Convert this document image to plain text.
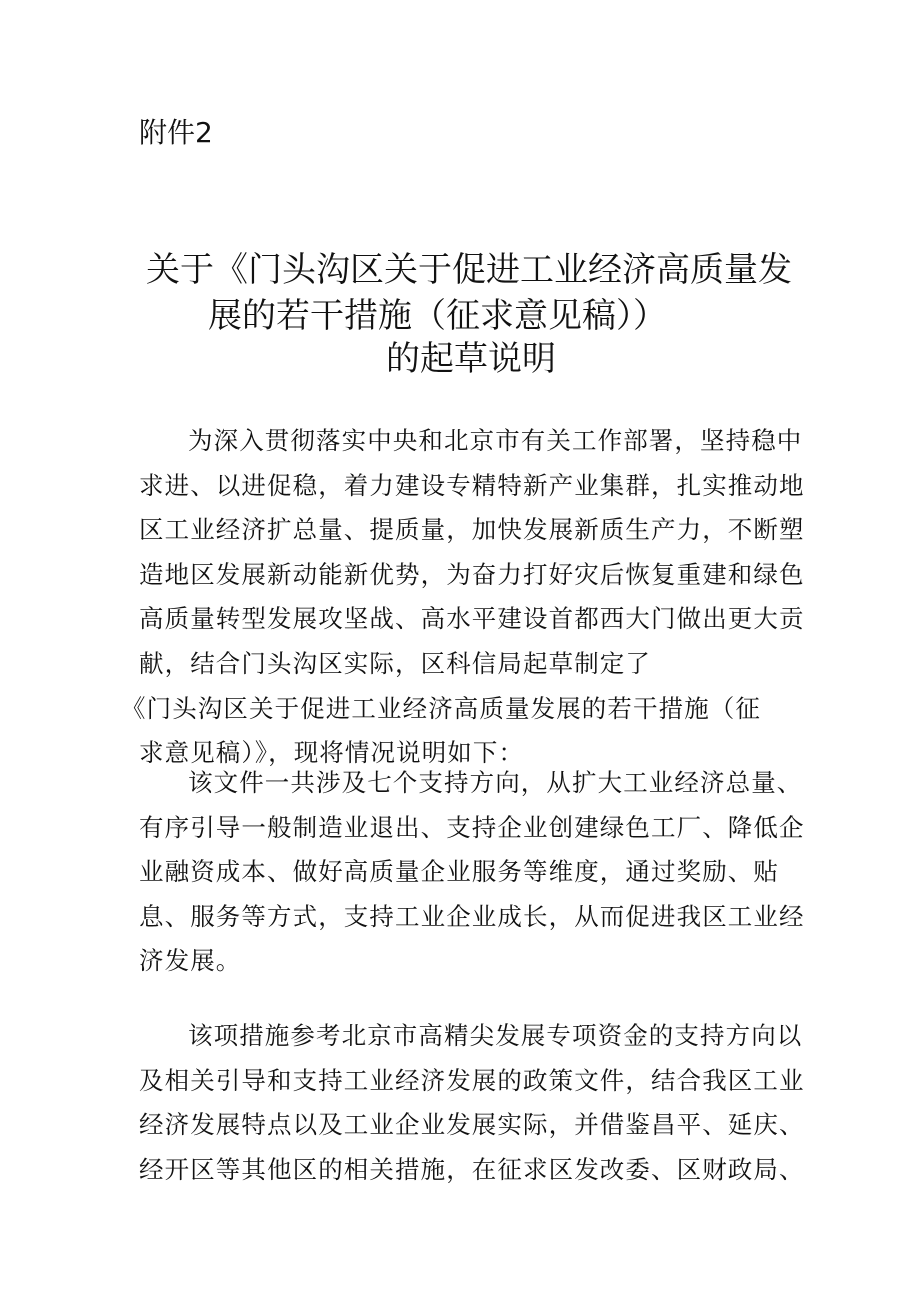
附件2
关于《门头沟区关于促进工业经济高质量发
展的若干措施（征求意见稿））
的起草说明
为深入贯彻落实中央和北京市有关工作部署，坚持稳中
求进、以进促稳，着力建设专精特新产业集群，扎实推动地
区工业经济扩总量、提质量，加快发展新质生产力，不断塑
造地区发展新动能新优势，为奋力打好灾后恢复重建和绿色
高质量转型发展攻坚战、高水平建设首都西大门做出更大贡
献，结合门头沟区实际，区科信局起草制定了
《门头沟区关于促进工业经济高质量发展的若干措施（征
求意见稿）》，现将情况说明如下：
该文件一共涉及七个支持方向，从扩大工业经济总量、
有序引导一般制造业退出、支持企业创建绿色工厂、降低企
业融资成本、做好高质量企业服务等维度，通过奖励、贴
息、服务等方式，支持工业企业成长，从而促进我区工业经
济发展。
该项措施参考北京市高精尖发展专项资金的支持方向以
及相关引导和支持工业经济发展的政策文件，结合我区工业
经济发展特点以及工业企业发展实际，并借鉴昌平、延庆、
经开区等其他区的相关措施，在征求区发改委、区财政局、
